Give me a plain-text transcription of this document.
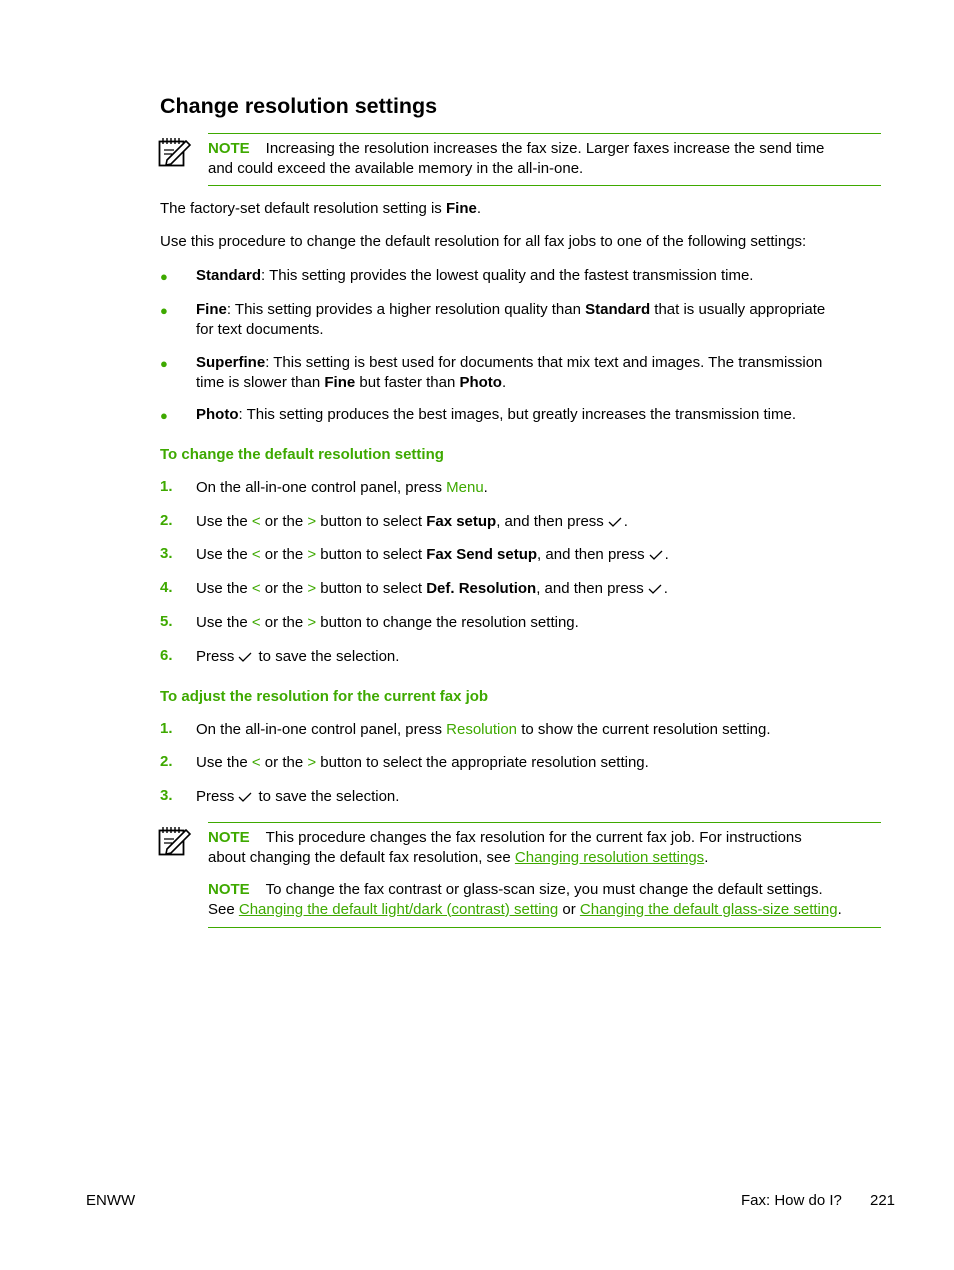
Change resolution settings
NOTE Increasing the resolution increases the fax size. Larger faxes increase the send time
and could exceed the available memory in the all-in-one.
The factory-set default resolution setting is Fine.
Use this procedure to change the default resolution for all fax jobs to one of the following settings:
● Standard: This setting provides the lowest quality and the fastest transmission time.
● Fine: This setting provides a higher resolution quality than Standard that is usually appropriate
for text documents.
● Superfine: This setting is best used for documents that mix text and images. The transmission
time is slower than Fine but faster than Photo.
● Photo: This setting produces the best images, but greatly increases the transmission time.
To change the default resolution setting
1. On the all-in-one control panel, press Menu.
2. Use the < or the > button to select Fax setup, and then press .
3. Use the < or the > button to select Fax Send setup, and then press .
4. Use the < or the > button to select Def. Resolution, and then press .
5. Use the < or the > button to change the resolution setting.
6. Press to save the selection.
To adjust the resolution for the current fax job
1. On the all-in-one control panel, press Resolution to show the current resolution setting.
2. Use the < or the > button to select the appropriate resolution setting.
3. Press to save the selection.
NOTE This procedure changes the fax resolution for the current fax job. For instructions
about changing the default fax resolution, see Changing resolution settings.
NOTE To change the fax contrast or glass-scan size, you must change the default settings.
See Changing the default light/dark (contrast) setting or Changing the default glass-size setting.
ENWW	Fax: How do I? 221
